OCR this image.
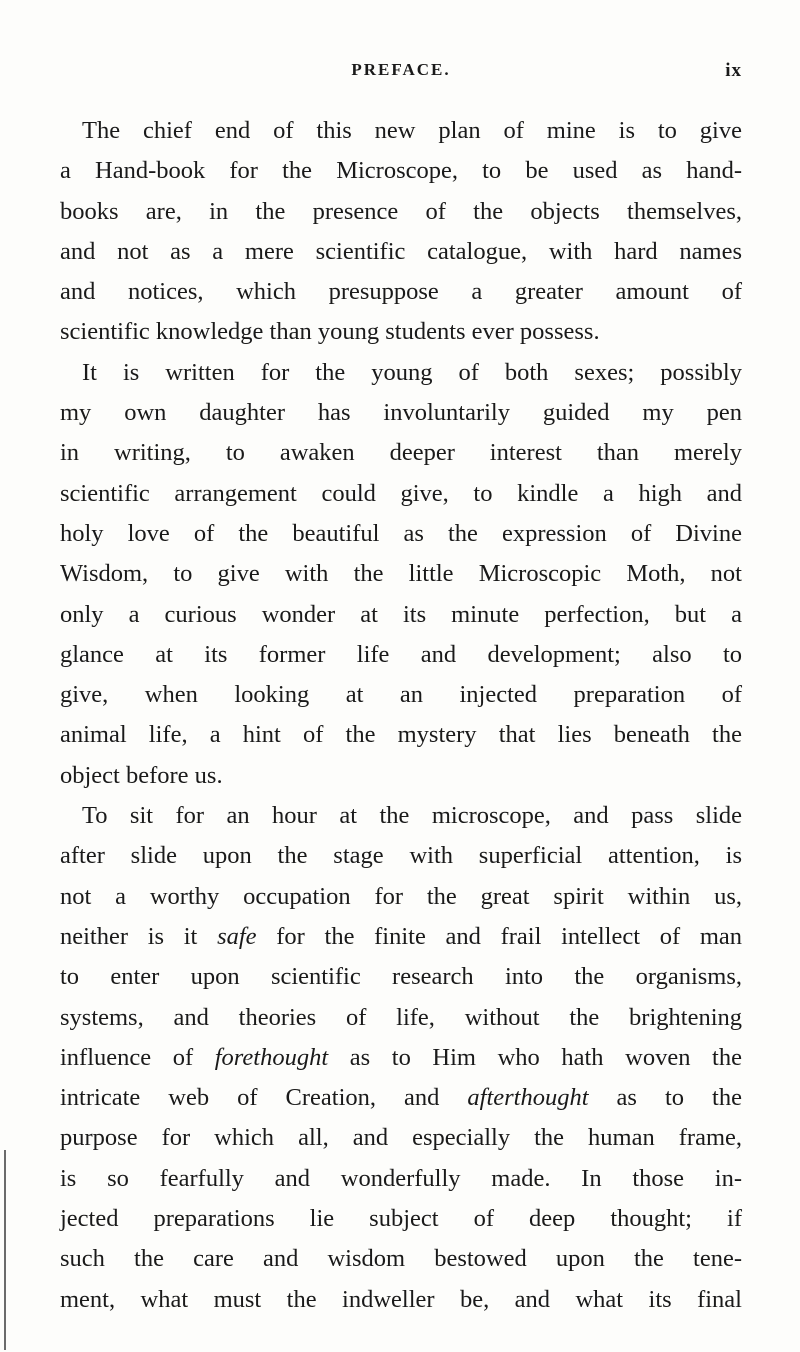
PREFACE.	ix
The chief end of this new plan of mine is to give
a Hand-book for the Microscope, to be used as hand-
books are, in the presence of the objects themselves,
and not as a mere scientific catalogue, with hard names
and notices, which presuppose a greater amount of
scientific knowledge than young students ever possess.
It is written for the young of both sexes; possibly
my own daughter has involuntarily guided my pen
in writing, to awaken deeper interest than merely
scientific arrangement could give, to kindle a high and
holy love of the beautiful as the expression of Divine
Wisdom, to give with the little Microscopic Moth, not
only a curious wonder at its minute perfection, but a
glance at its former life and development; also to
give, when looking at an injected preparation of
animal life, a hint of the mystery that lies beneath the
object before us.
To sit for an hour at the microscope, and pass slide
after slide upon the stage with superficial attention, is
not a worthy occupation for the great spirit within us,
neither is it safe for the finite and frail intellect of man
to enter upon scientific research into the organisms,
systems, and theories of life, without the brightening
influence of forethought as to Him who hath woven the
intricate web of Creation, and afterthought as to the
purpose for which all, and especially the human frame,
is so fearfully and wonderfully made. In those in-
jected preparations lie subject of deep thought; if
such the care and wisdom bestowed upon the tene-
ment, what must the indweller be, and what its final
